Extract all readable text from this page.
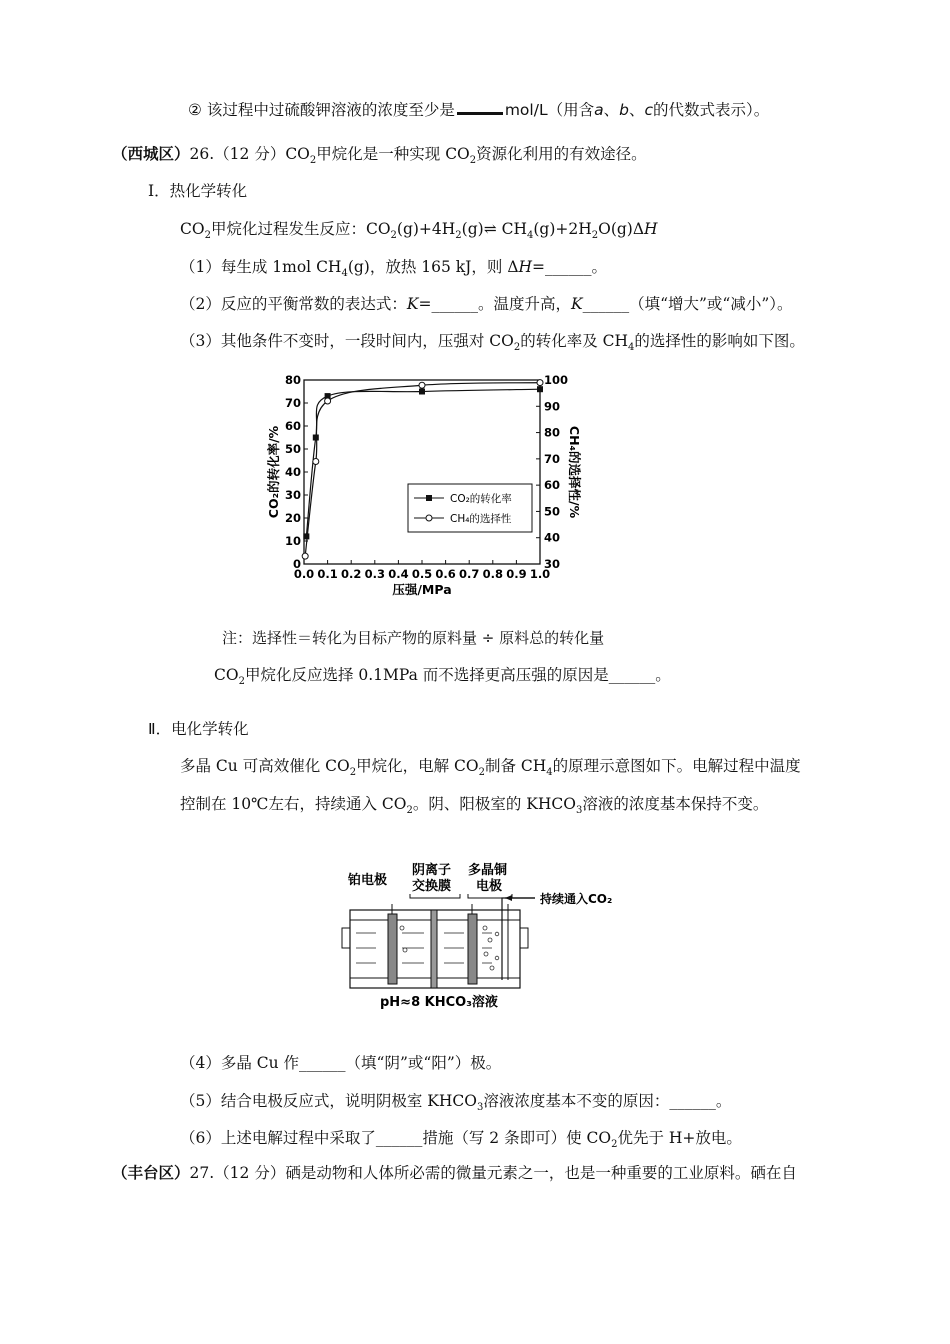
② 该过程中过硫酸钾溶液的浓度至少是	mol/L（用含a、b、c的代数式表示）。
（西城区）26.（12 分）$CO_2$甲烷化是一种实现 $CO_2$资源化利用的有效途径。
Ⅰ．热化学转化
$CO_2$甲烷化过程发生反应：$CO_2(g)+4H_2(g)\rightleftharpoons$ $CH_4(g)+2H_2O(g)\Delta H$
（1）每生成 1mol $CH_4(g)$，放热 165 kJ，则 ΔH=______。
（2）反应的平衡常数的表达式：K=______。温度升高，K______（填“增大”或“减小”）。
（3）其他条件不变时，一段时间内，压强对 $CO_2$的转化率及 $CH_4$的选择性的影响如下图。
0.0 0.1 0.2 0.3 0.4 0.5 0.6 0.7 0.8 0.9 1.0
0
10
20
30
40
50
60
70
80
30
40
50
60
70
80
90
100
压强/MPa
CO₂的转化率/%	CH₄的选择性/%
CO₂的转化率
CH₄的选择性
注：选择性＝转化为目标产物的原料量 ÷ 原料总的转化量
$CO_2$甲烷化反应选择 0.1MPa 而不选择更高压强的原因是______。
Ⅱ．电化学转化
多晶 Cu 可高效催化 $CO_2$甲烷化，电解 $CO_2$制备 $CH_4$的原理示意图如下。电解过程中温度
控制在 10℃左右，持续通入 $CO_2$。阴、阳极室的 $KHCO_3$溶液的浓度基本保持不变。
铂电极
阴离子
交换膜
多晶铜
电极
持续通入CO₂
pH≈8 KHCO₃溶液
（4）多晶 Cu 作______（填“阴”或“阳”）极。
（5）结合电极反应式，说明阴极室 $KHCO_3$溶液浓度基本不变的原因：______。
（6）上述电解过程中采取了______措施（写 2 条即可）使 $CO_2$优先于 H+放电。
（丰台区）27.（12 分）硒是动物和人体所必需的微量元素之一，也是一种重要的工业原料。硒在自
